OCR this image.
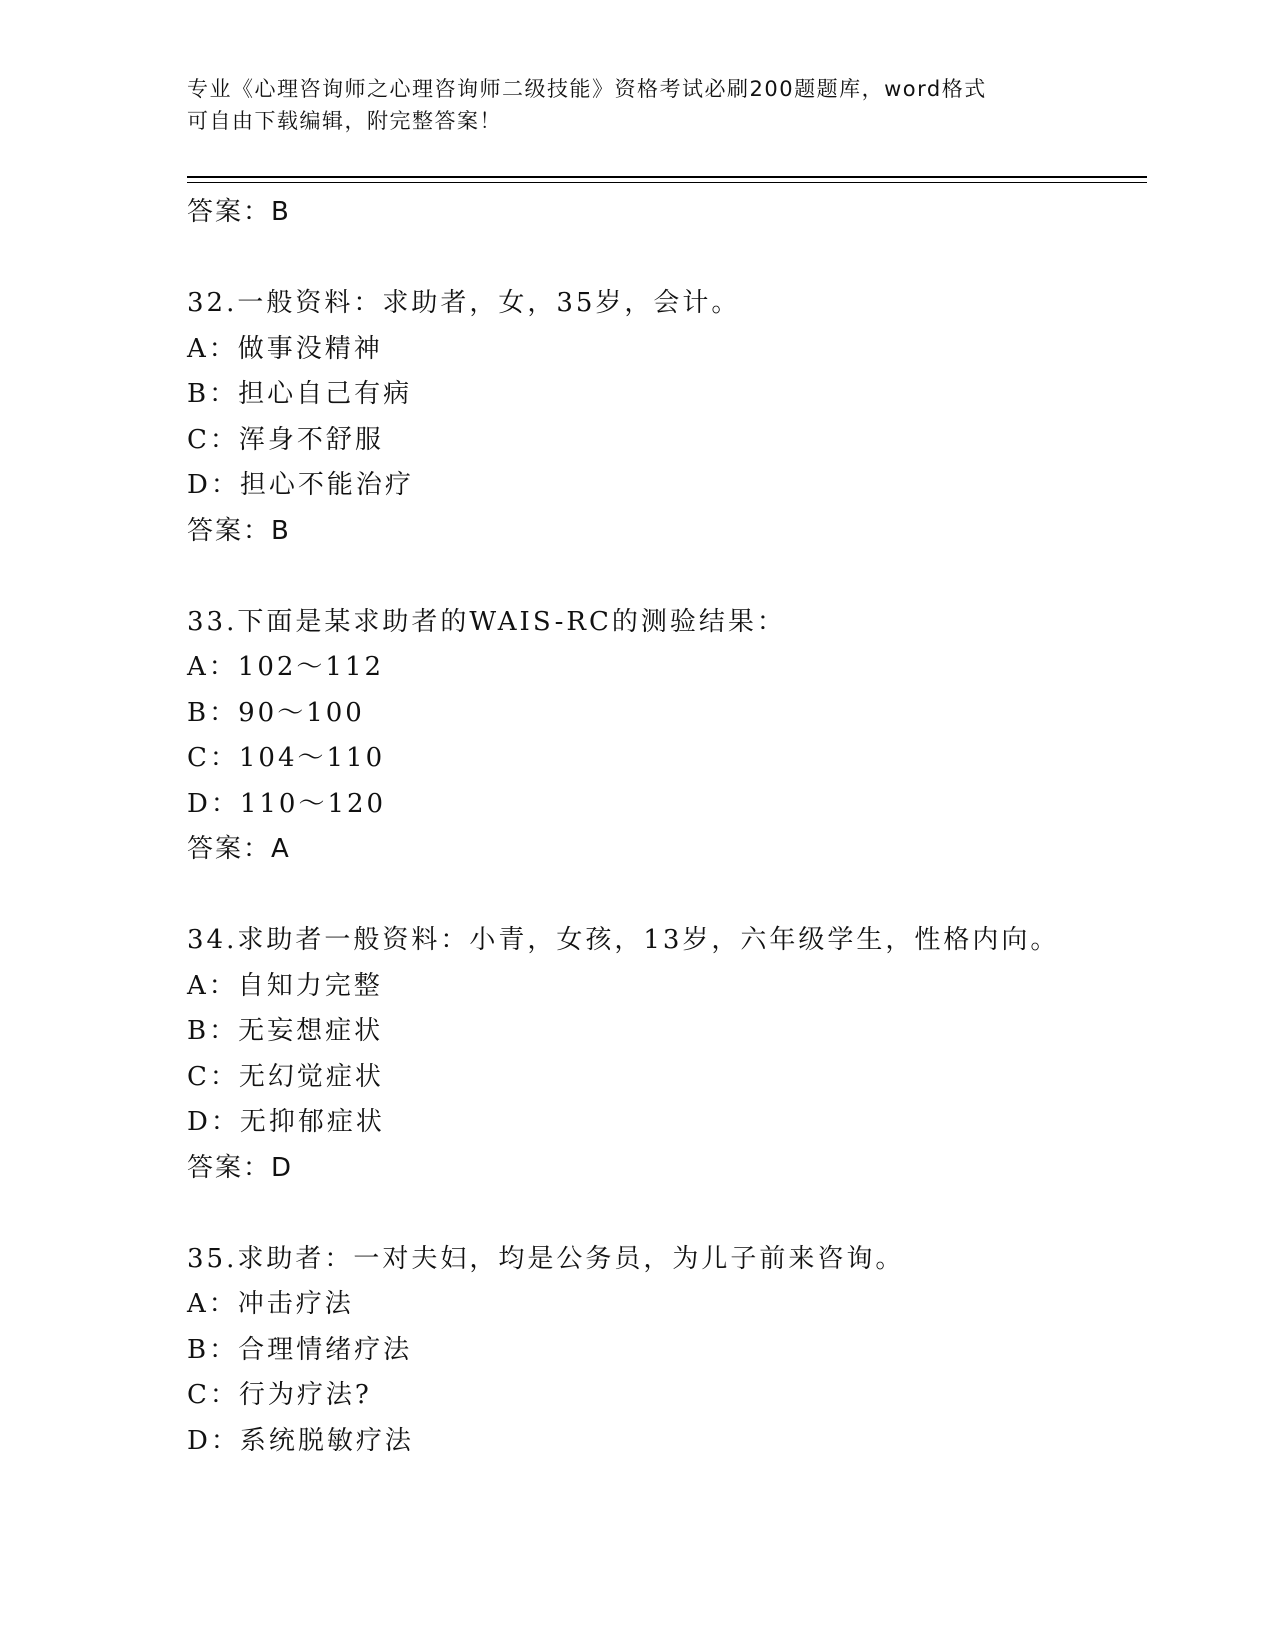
专业《心理咨询师之心理咨询师二级技能》资格考试必刷200题题库，word格式
可自由下载编辑，附完整答案！
答案：B
32.一般资料：求助者，女，35岁，会计。
A：做事没精神
B：担心自己有病
C：浑身不舒服
D：担心不能治疗
答案：B
33.下面是某求助者的WAIS-RC的测验结果：
A：102～112
B：90～100
C：104～110
D：110～120
答案：A
34.求助者一般资料：小青，女孩，13岁，六年级学生，性格内向。
A：自知力完整
B：无妄想症状
C：无幻觉症状
D：无抑郁症状
答案：D
35.求助者：一对夫妇，均是公务员，为儿子前来咨询。
A：冲击疗法
B：合理情绪疗法
C：行为疗法?
D：系统脱敏疗法
